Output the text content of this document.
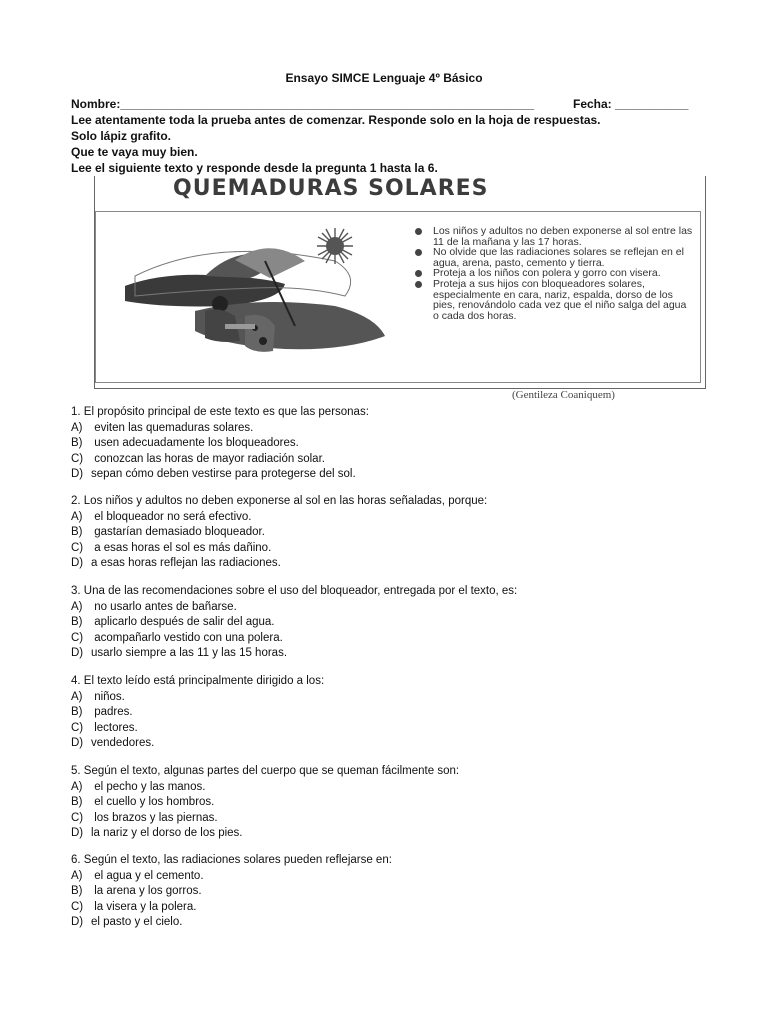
Ensayo SIMCE Lenguaje 4º Básico
Nombre:______________________________________________________________	Fecha: ___________
Lee atentamente toda la prueba antes de comenzar. Responde solo en la hoja de respuestas.
Solo lápiz grafito.
Que te vaya muy bien.
Lee el siguiente texto y responde desde la pregunta 1 hasta la 6.
QUEMADURAS SOLARES
Los niños y adultos no deben exponerse al sol entre las 11 de la mañana y las 17 horas.
No olvide que las radiaciones solares se reflejan en el agua, arena, pasto, cemento y tierra.
Proteja a los niños con polera y gorro con visera.
Proteja a sus hijos con bloqueadores solares, especialmente en cara, nariz, espalda, dorso de los pies, renovándolo cada vez que el niño salga del agua o cada dos horas.
(Gentileza Coaniquem)
1. El propósito principal de este texto es que las personas:
A) eviten las quemaduras solares.
B) usen adecuadamente los bloqueadores.
C) conozcan las horas de mayor radiación solar.
D) sepan cómo deben vestirse para protegerse del sol.
2. Los niños y adultos no deben exponerse al sol en las horas señaladas, porque:
A) el bloqueador no será efectivo.
B) gastarían demasiado bloqueador.
C) a esas horas el sol es más dañino.
D) a esas horas reflejan las radiaciones.
3. Una de las recomendaciones sobre el uso del bloqueador, entregada por el texto, es:
A) no usarlo antes de bañarse.
B) aplicarlo después de salir del agua.
C) acompañarlo vestido con una polera.
D) usarlo siempre a las 11 y las 15 horas.
4. El texto leído está principalmente dirigido a los:
A) niños.
B) padres.
C) lectores.
D) vendedores.
5. Según el texto, algunas partes del cuerpo que se queman fácilmente son:
A) el pecho y las manos.
B) el cuello y los hombros.
C) los brazos y las piernas.
D) la nariz y el dorso de los pies.
6. Según el texto, las radiaciones solares pueden reflejarse en:
A) el agua y el cemento.
B) la arena y los gorros.
C) la visera y la polera.
D) el pasto y el cielo.
